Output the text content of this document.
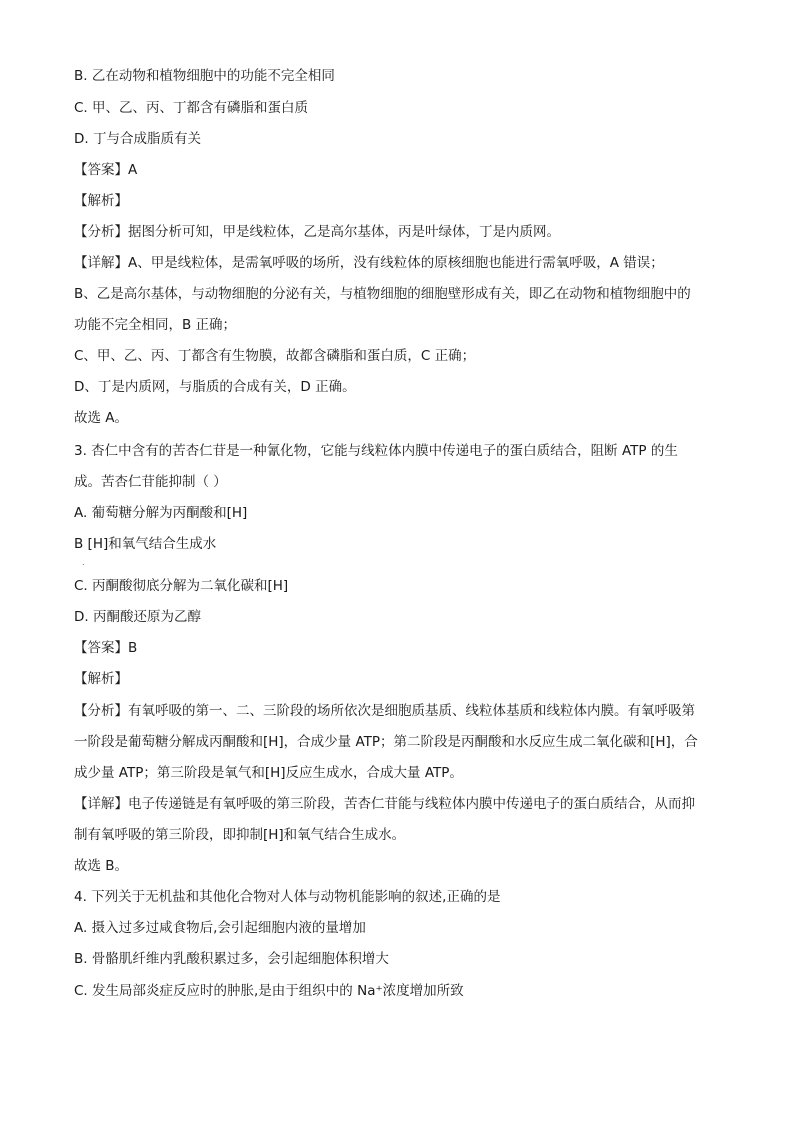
B. 乙在动物和植物细胞中的功能不完全相同
C. 甲、乙、丙、丁都含有磷脂和蛋白质
D. 丁与合成脂质有关
【答案】A
【解析】
【分析】据图分析可知，甲是线粒体，乙是高尔基体，丙是叶绿体，丁是内质网。
【详解】A、甲是线粒体，是需氧呼吸的场所，没有线粒体的原核细胞也能进行需氧呼吸，A 错误；
B、乙是高尔基体，与动物细胞的分泌有关，与植物细胞的细胞壁形成有关，即乙在动物和植物细胞中的
功能不完全相同，B 正确；
C、甲、乙、丙、丁都含有生物膜，故都含磷脂和蛋白质，C 正确；
D、丁是内质网，与脂质的合成有关，D 正确。
故选 A。
3. 杏仁中含有的苦杏仁苷是一种氰化物，它能与线粒体内膜中传递电子的蛋白质结合，阻断 ATP 的生
成。苦杏仁苷能抑制（ ）
A. 葡萄糖分解为丙酮酸和[H]
B [H]和氧气结合生成水
.
C. 丙酮酸彻底分解为二氧化碳和[H]
D. 丙酮酸还原为乙醇
【答案】B
【解析】
【分析】有氧呼吸的第一、二、三阶段的场所依次是细胞质基质、线粒体基质和线粒体内膜。有氧呼吸第
一阶段是葡萄糖分解成丙酮酸和[H]，合成少量 ATP；第二阶段是丙酮酸和水反应生成二氧化碳和[H]，合
成少量 ATP；第三阶段是氧气和[H]反应生成水，合成大量 ATP。
【详解】电子传递链是有氧呼吸的第三阶段，苦杏仁苷能与线粒体内膜中传递电子的蛋白质结合，从而抑
制有氧呼吸的第三阶段，即抑制[H]和氧气结合生成水。
故选 B。
4. 下列关于无机盐和其他化合物对人体与动物机能影响的叙述,正确的是
A. 摄入过多过咸食物后,会引起细胞内液的量增加
B. 骨骼肌纤维内乳酸积累过多，会引起细胞体积增大
C. 发生局部炎症反应时的肿胀,是由于组织中的 Na⁺浓度增加所致
